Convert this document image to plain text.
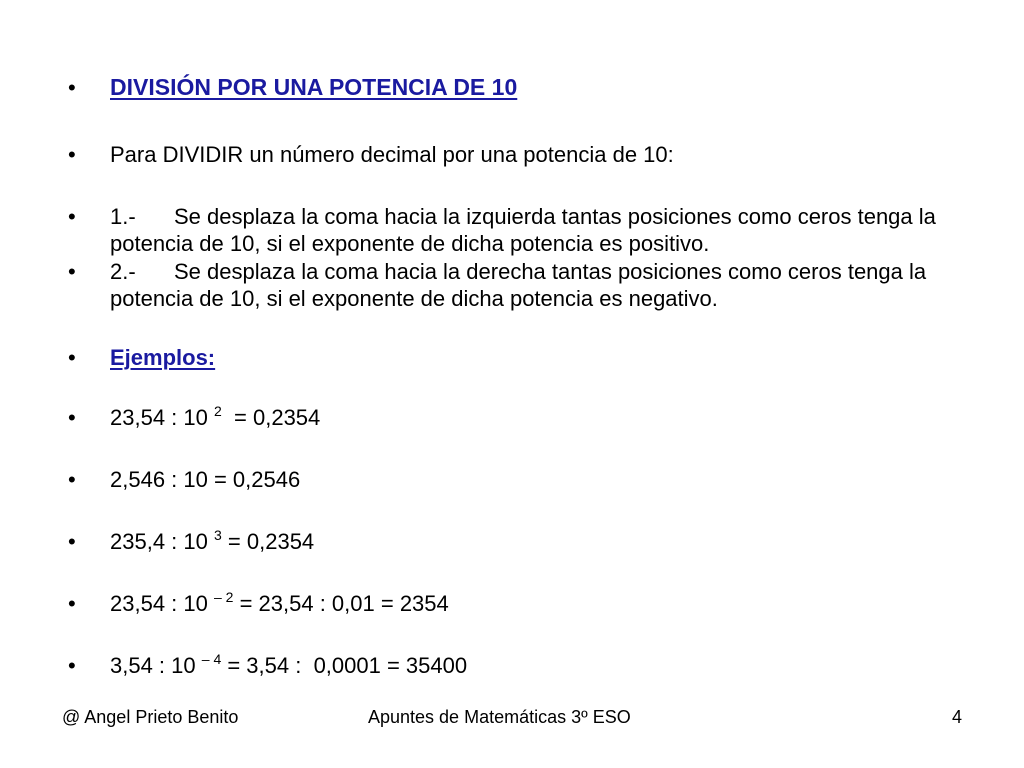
•	DIVISIÓN POR UNA POTENCIA DE 10
•	Para DIVIDIR un número decimal por una potencia de 10:
•	1.- Se desplaza la coma hacia la izquierda tantas posiciones como ceros tenga la potencia de 10, si el exponente de dicha potencia es positivo.
•	2.- Se desplaza la coma hacia la derecha tantas posiciones como ceros tenga la potencia de 10, si el exponente de dicha potencia es negativo.
•	Ejemplos:
•	23,54 : 10 $^2$  = 0,2354
•	2,546 : 10 = 0,2546
•	235,4 : 10 $^3$ = 0,2354
•	23,54 : 10 $^{- 2}$ = 23,54 : 0,01 = 2354
•	3,54 : 10 $^{- 4}$ = 3,54 :  0,0001 = 35400
@ Angel Prieto Benito	Apuntes de Matemáticas 3º ESO	4
